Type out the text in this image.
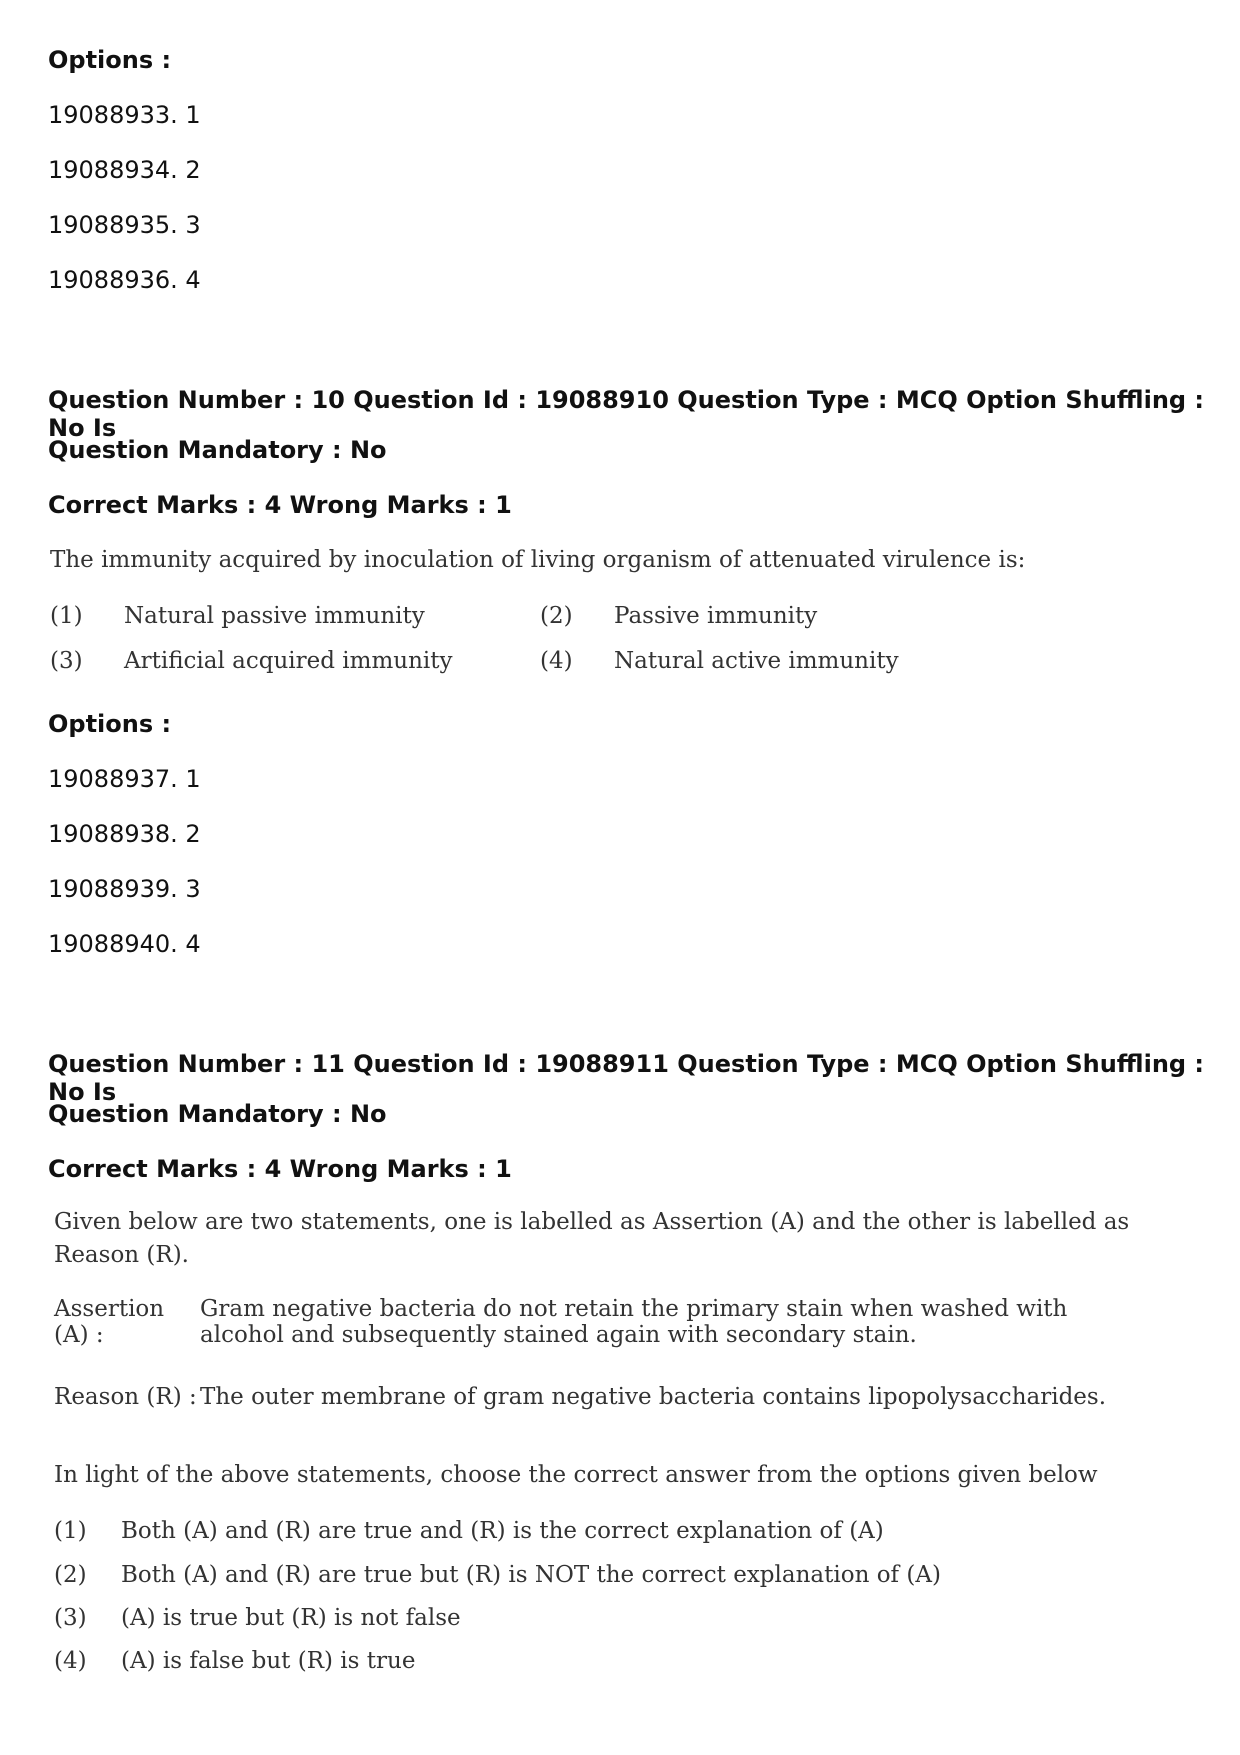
Options :
19088933. 1
19088934. 2
19088935. 3
19088936. 4
Question Number : 10 Question Id : 19088910 Question Type : MCQ Option Shuffling : No Is
Question Mandatory : No
Correct Marks : 4 Wrong Marks : 1
The immunity acquired by inoculation of living organism of attenuated virulence is:
(1) Natural passive immunity	(2) Passive immunity
(3) Artificial acquired immunity	(4) Natural active immunity
Options :
19088937. 1
19088938. 2
19088939. 3
19088940. 4
Question Number : 11 Question Id : 19088911 Question Type : MCQ Option Shuffling : No Is
Question Mandatory : No
Correct Marks : 4 Wrong Marks : 1
Given below are two statements, one is labelled as Assertion (A) and the other is labelled as
Reason (R).
Assertion (A) :Gram negative bacteria do not retain the primary stain when washed with
alcohol and subsequently stained again with secondary stain.
Reason (R) : The outer membrane of gram negative bacteria contains lipopolysaccharides.
In light of the above statements, choose the correct answer from the options given below
(1) Both (A) and (R) are true and (R) is the correct explanation of (A)
(2) Both (A) and (R) are true but (R) is NOT the correct explanation of (A)
(3) (A) is true but (R) is not false
(4) (A) is false but (R) is true
